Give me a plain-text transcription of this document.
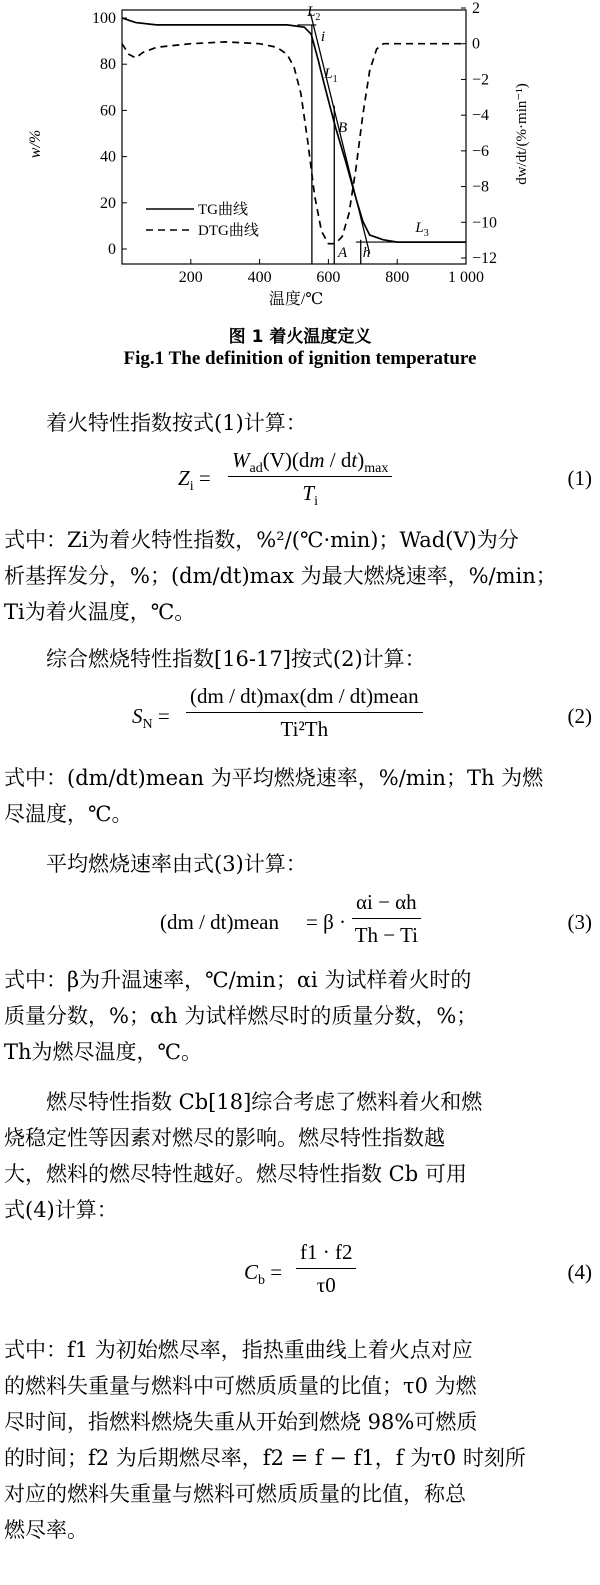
200	400	600	800 1 000
100
80
60
40
20
0
2
0
−2
−4
−6
−8
−10
−12
$L_2$
i
$L_1$
B
A h
$L_3$
温度/℃
w/%	dw/dt/(%·min⁻¹)
TG曲线
DTG曲线
图 1 着火温度定义
Fig.1 The definition of ignition temperature
着火特性指数按式(1)计算：
$Z_i$ =
$W_{ad}(V)(dm / dt)_{max}$
$T_i$
(1)
式中：Zi为着火特性指数，%²/(℃·min)；Wad(V)为分
析基挥发分，%；(dm/dt)max 为最大燃烧速率，%/min；
Ti为着火温度，℃。
综合燃烧特性指数[16-17]按式(2)计算：
$S_N$ =
(dm / dt)max(dm / dt)mean
Ti²Th
(2)
式中：(dm/dt)mean 为平均燃烧速率，%/min；Th 为燃
尽温度，℃。
平均燃烧速率由式(3)计算：
(dm / dt)mean = $\beta \cdot \frac{\alpha i - \alpha h}{Th - Ti}$	(3)
式中：β为升温速率，℃/min；αi 为试样着火时的
质量分数，%；αh 为试样燃尽时的质量分数，%；
Th为燃尽温度，℃。
燃尽特性指数 Cb[18]综合考虑了燃料着火和燃
烧稳定性等因素对燃尽的影响。燃尽特性指数越
大，燃料的燃尽特性越好。燃尽特性指数 Cb 可用
式(4)计算：
$C_b = \frac{f1 \cdot f2}{\tau 0}$	(4)
式中：f1 为初始燃尽率，指热重曲线上着火点对应
的燃料失重量与燃料中可燃质质量的比值；τ0 为燃
尽时间，指燃料燃烧失重从开始到燃烧 98%可燃质
的时间；f2 为后期燃尽率，f2 = f − f1，f 为τ0 时刻所
对应的燃料失重量与燃料可燃质质量的比值，称总
燃尽率。
